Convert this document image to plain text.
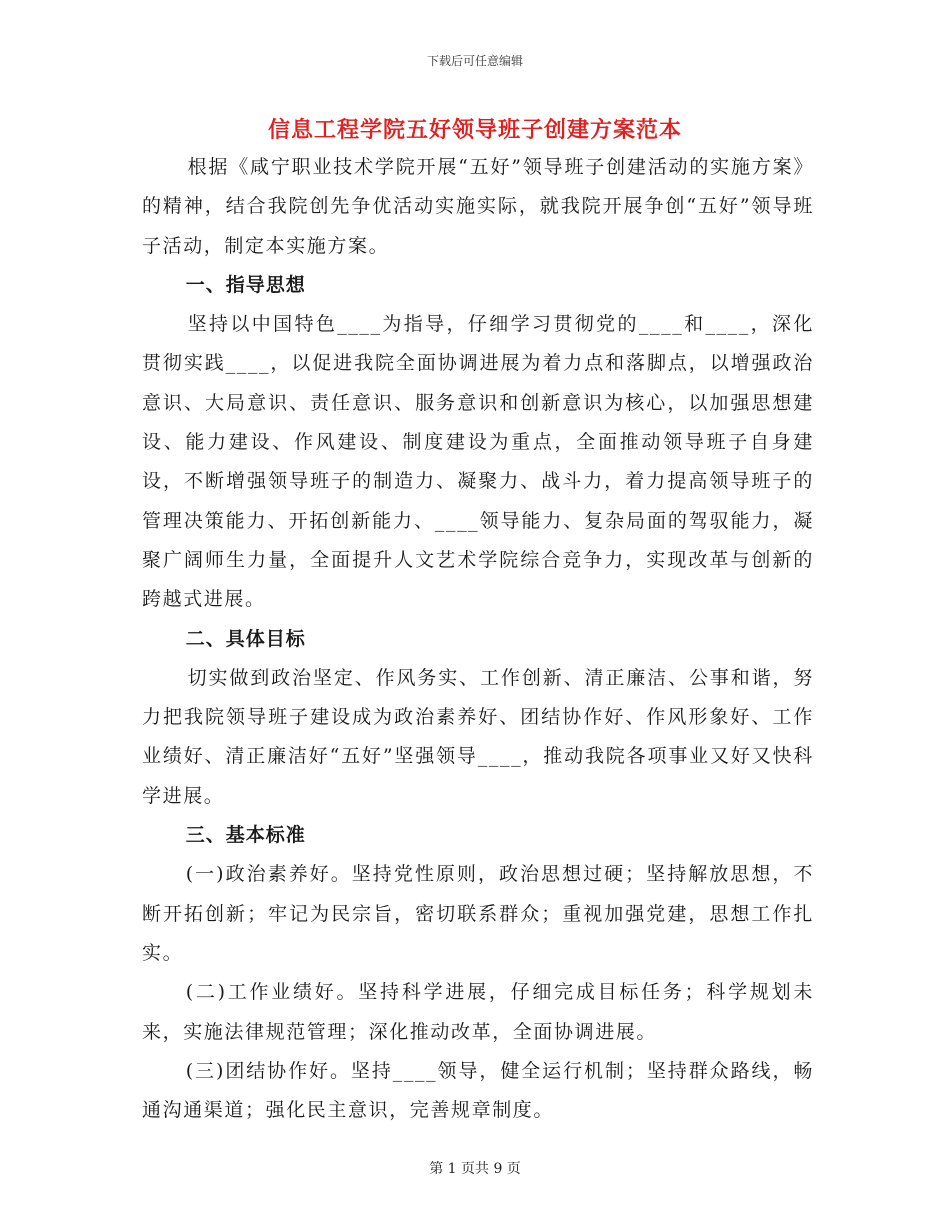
下载后可任意编辑
信息工程学院五好领导班子创建方案范本

根据《咸宁职业技术学院开展“五好”领导班子创建活动的实施方案》的精神，结合我院创先争优活动实施实际，就我院开展争创“五好”领导班子活动，制定本实施方案。

一、指导思想

坚持以中国特色____为指导，仔细学习贯彻党的____和____，深化贯彻实践____，以促进我院全面协调进展为着力点和落脚点，以增强政治意识、大局意识、责任意识、服务意识和创新意识为核心，以加强思想建设、能力建设、作风建设、制度建设为重点，全面推动领导班子自身建设，不断增强领导班子的制造力、凝聚力、战斗力，着力提高领导班子的管理决策能力、开拓创新能力、____领导能力、复杂局面的驾驭能力，凝聚广阔师生力量，全面提升人文艺术学院综合竞争力，实现改革与创新的跨越式进展。

二、具体目标

切实做到政治坚定、作风务实、工作创新、清正廉洁、公事和谐，努力把我院领导班子建设成为政治素养好、团结协作好、作风形象好、工作业绩好、清正廉洁好“五好”坚强领导____，推动我院各项事业又好又快科学进展。

三、基本标准

(一)政治素养好。坚持党性原则，政治思想过硬；坚持解放思想，不断开拓创新；牢记为民宗旨，密切联系群众；重视加强党建，思想工作扎实。

(二)工作业绩好。坚持科学进展，仔细完成目标任务；科学规划未来，实施法律规范管理；深化推动改革，全面协调进展。

(三)团结协作好。坚持____领导，健全运行机制；坚持群众路线，畅通沟通渠道；强化民主意识，完善规章制度。

第 1 页共 9 页
